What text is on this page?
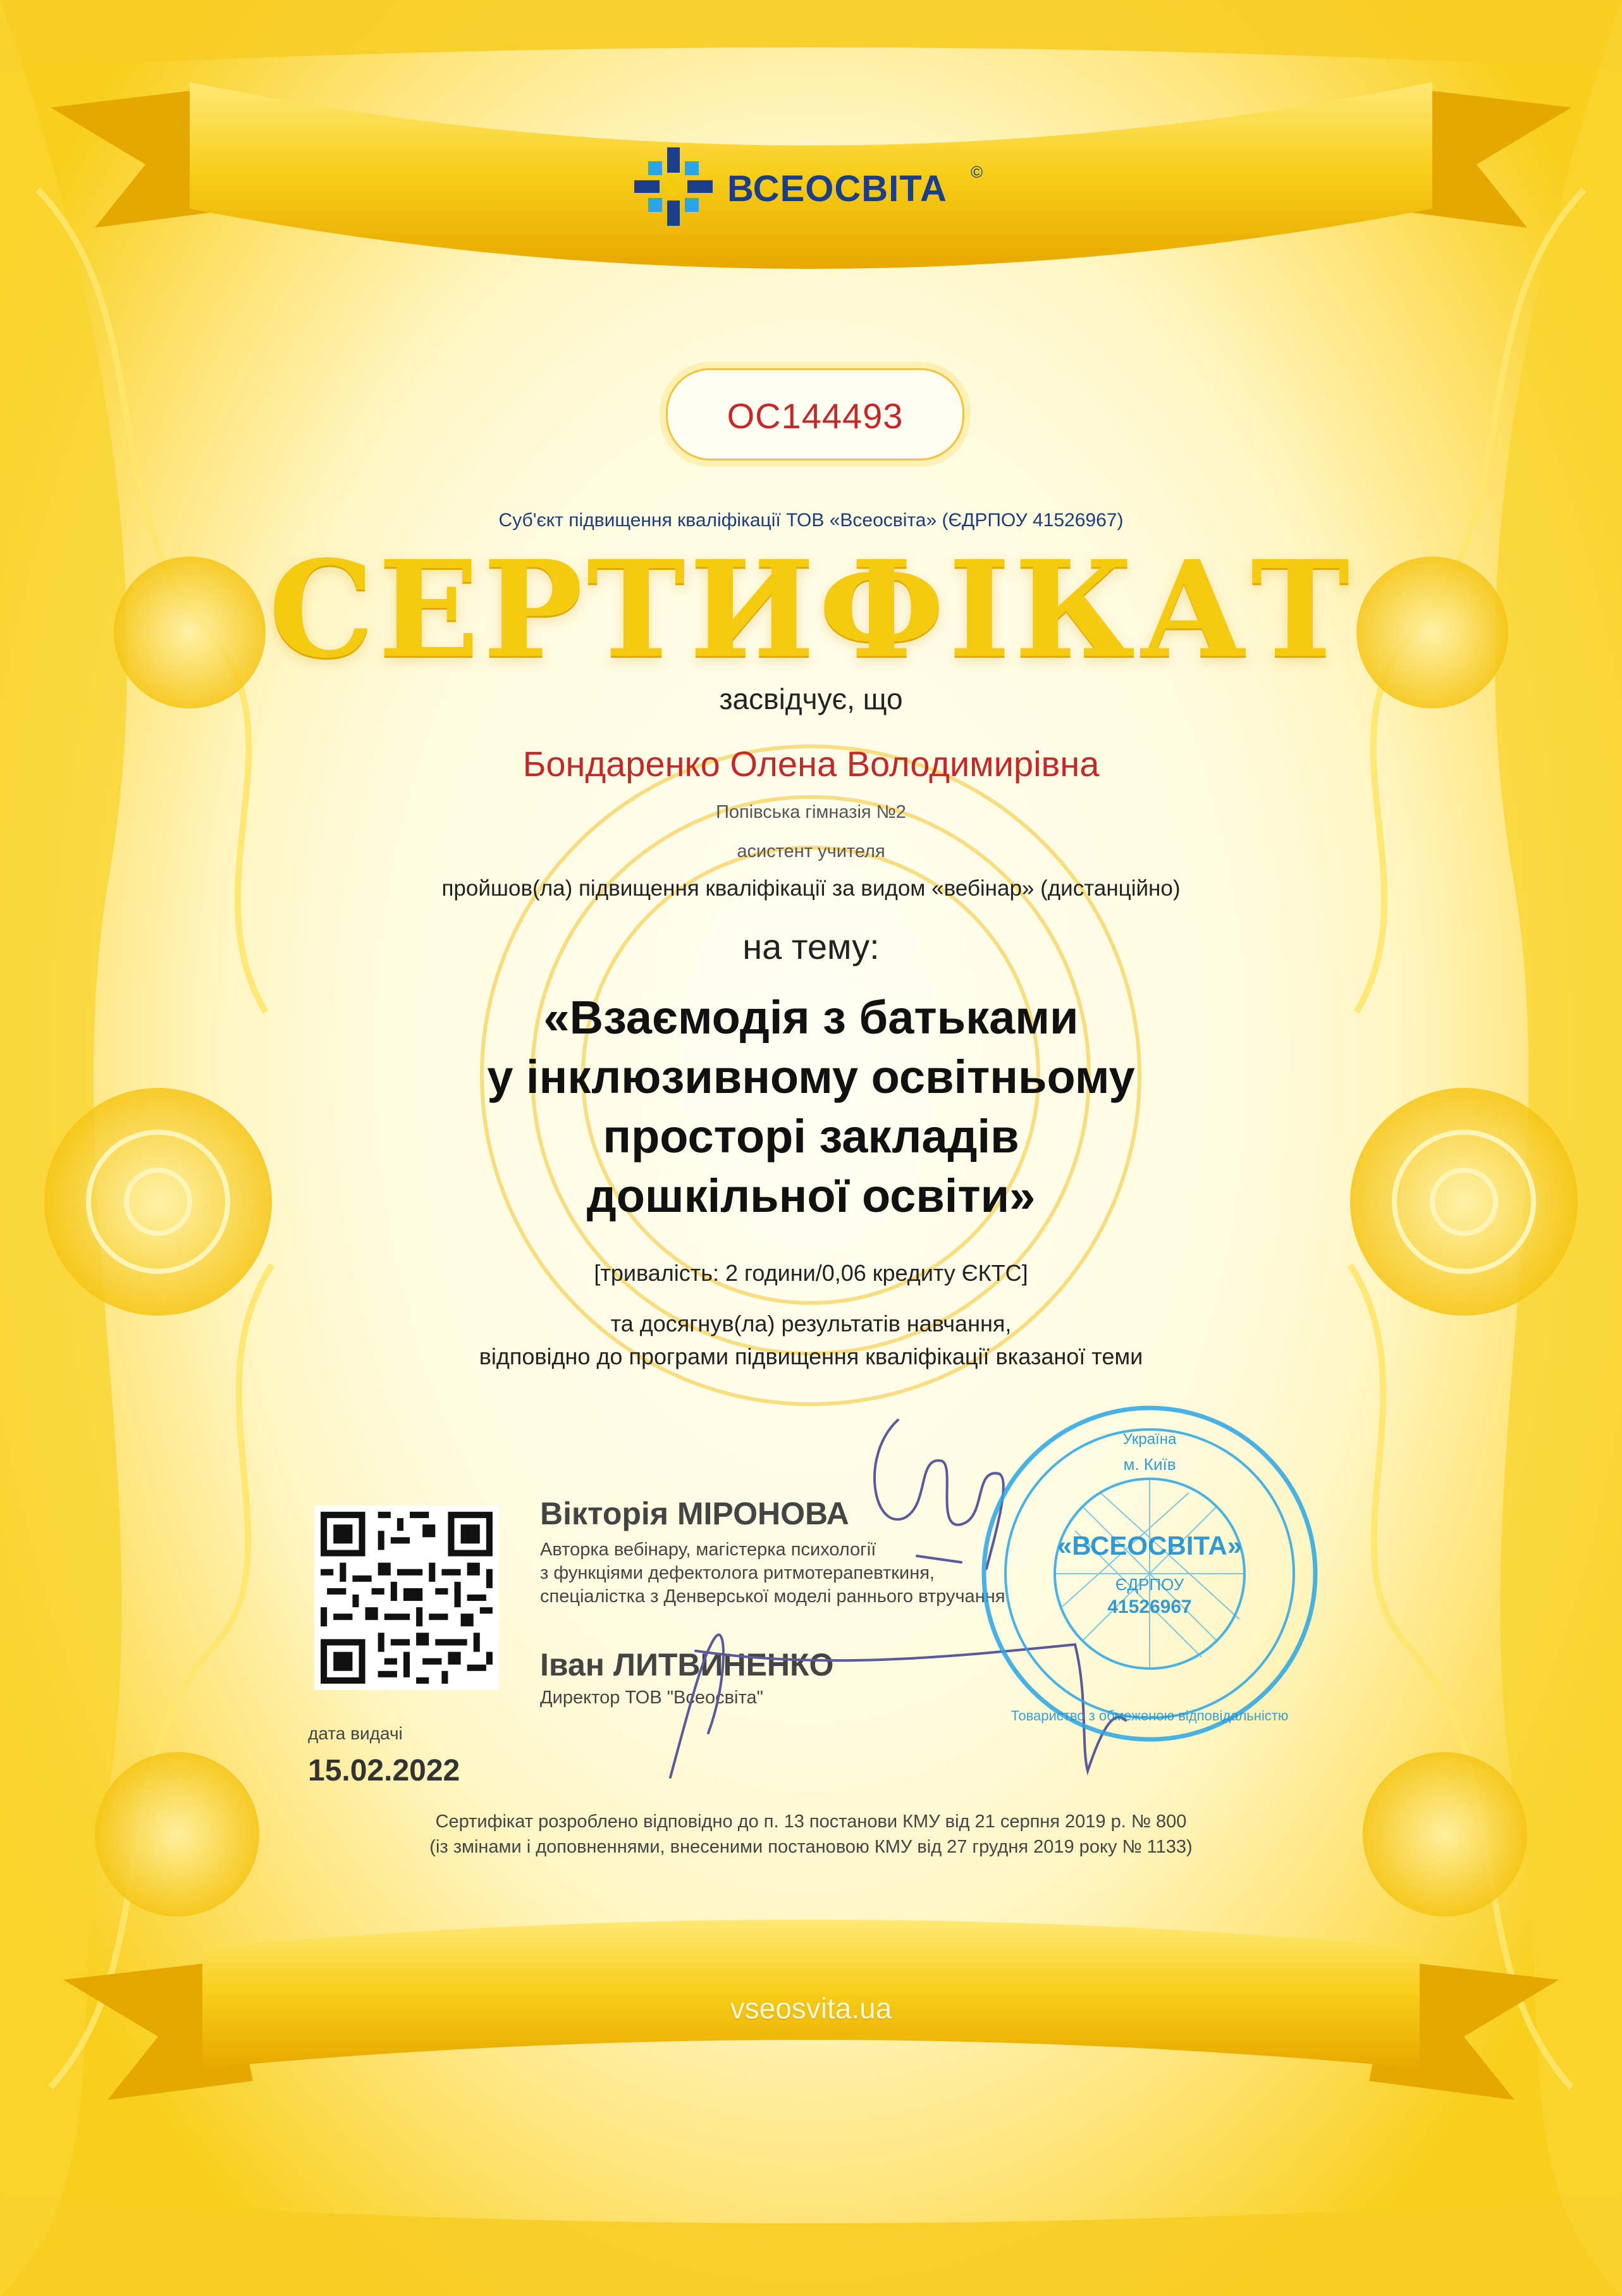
ВСЕОСВІТА ©
ОС144493
Суб'єкт підвищення кваліфікації ТОВ «Всеосвіта» (ЄДРПОУ 41526967)
СЕРТИФІКАТ
засвідчує, що
Бондаренко Олена Володимирівна
Попівська гімназія №2
асистент учителя
пройшов(ла) підвищення кваліфікації за видом «вебінар» (дистанційно)
на тему:
«Взаємодія з батьками
у інклюзивному освітньому
просторі закладів
дошкільної освіти»
[тривалість: 2 години/0,06 кредиту ЄКТС]
та досягнув(ла) результатів навчання,
відповідно до програми підвищення кваліфікації вказаної теми
Вікторія МІРОНОВА
Авторка вебінару, магістерка психології
з функціями дефектолога ритмотерапевткиня,
спеціалістка з Денверської моделі раннього втручання
Іван ЛИТВИНЕНКО
Директор ТОВ "Всеосвіта"
«ВСЕОСВІТА»
ЄДРПОУ
41526967
м. Київ
Україна
Товариство з обмеженою відповідальністю
дата видачі
15.02.2022
Сертифікат розроблено відповідно до п. 13 постанови КМУ від 21 серпня 2019 р. № 800
(із змінами і доповненнями, внесеними постановою КМУ від 27 грудня 2019 року № 1133)
vseosvita.ua
